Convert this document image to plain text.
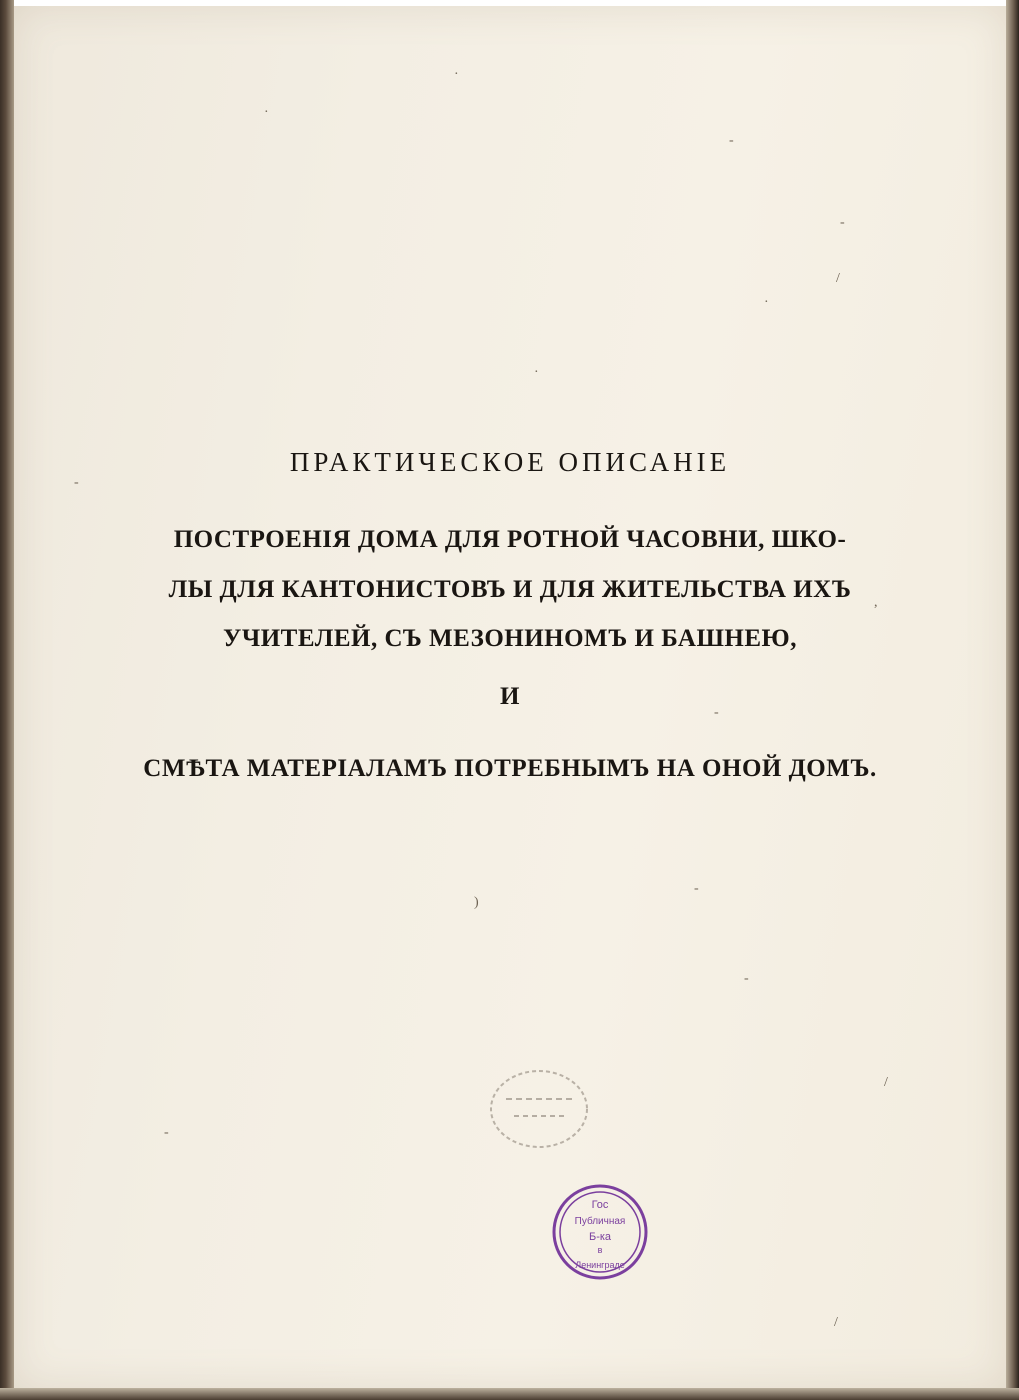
·
·
-
-
/
·
·
-
,
-
-
-
)
/
-
/
Гос
Публичная
Б-ка
в
Ленинграде
ПРАКТИЧЕСКОЕ ОПИСАНІЕ
ПОСТРОЕНІЯ ДОМА ДЛЯ РОТНОЙ ЧАСОВНИ, ШКО-
ЛЫ ДЛЯ КАНТОНИСТОВЪ И ДЛЯ ЖИТЕЛЬСТВА ИХЪ
УЧИТЕЛЕЙ, СЪ МЕЗОНИНОМЪ И БАШНЕЮ,
И
СМѢТА МАТЕРІАЛАМЪ ПОТРЕБНЫМЪ НА ОНОЙ ДОМЪ.
